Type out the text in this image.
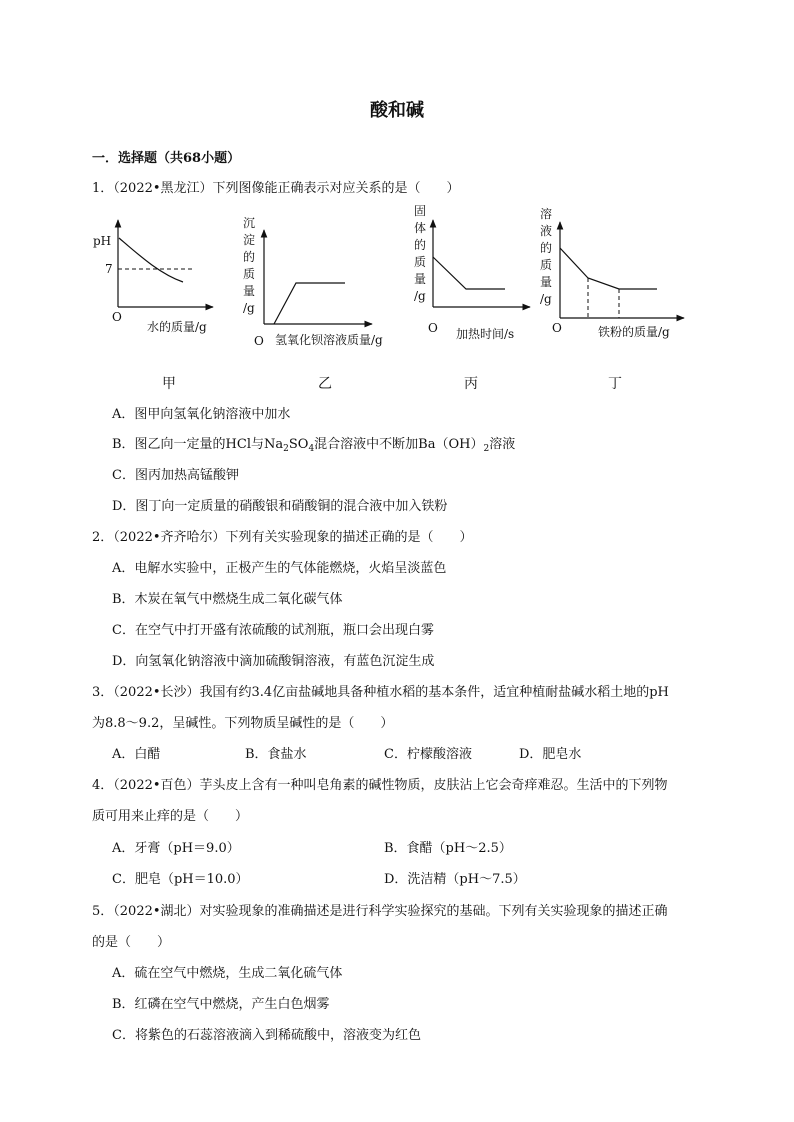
酸和碱
一．选择题（共68小题）
1．（2022•黑龙江）下列图像能正确表示对应关系的是（　　）
pH
7
O
水的质量/g
甲
沉
淀
的
质
量
/g
O 氢氧化钡溶液质量/g
乙
固
体
的
质
量
/g
O 加热时间/s
丙
溶
液
的
质
量
/g
O	铁粉的质量/g
丁
A．图甲向氢氧化钠溶液中加水
B．图乙向一定量的HCl与$Na_2SO_4$混合溶液中不断加$Ba(OH)_2$溶液
C．图丙加热高锰酸钾
D．图丁向一定质量的硝酸银和硝酸铜的混合液中加入铁粉
2．（2022•齐齐哈尔）下列有关实验现象的描述正确的是（　　）
A．电解水实验中，正极产生的气体能燃烧，火焰呈淡蓝色
B．木炭在氧气中燃烧生成二氧化碳气体
C．在空气中打开盛有浓硫酸的试剂瓶，瓶口会出现白雾
D．向氢氧化钠溶液中滴加硫酸铜溶液，有蓝色沉淀生成
3．（2022•长沙）我国有约3.4亿亩盐碱地具备种植水稻的基本条件，适宜种植耐盐碱水稻土地的pH
为8.8～9.2，呈碱性。下列物质呈碱性的是（　　）
A．白醋	B．食盐水	C．柠檬酸溶液	D．肥皂水
4．（2022•百色）芋头皮上含有一种叫皂角素的碱性物质，皮肤沾上它会奇痒难忍。生活中的下列物
质可用来止痒的是（　　）
A．牙膏（pH＝9.0）	B．食醋（pH～2.5）
C．肥皂（pH＝10.0）	D．洗洁精（pH～7.5）
5．（2022•湖北）对实验现象的准确描述是进行科学实验探究的基础。下列有关实验现象的描述正确
的是（　　）
A．硫在空气中燃烧，生成二氧化硫气体
B．红磷在空气中燃烧，产生白色烟雾
C．将紫色的石蕊溶液滴入到稀硫酸中，溶液变为红色
